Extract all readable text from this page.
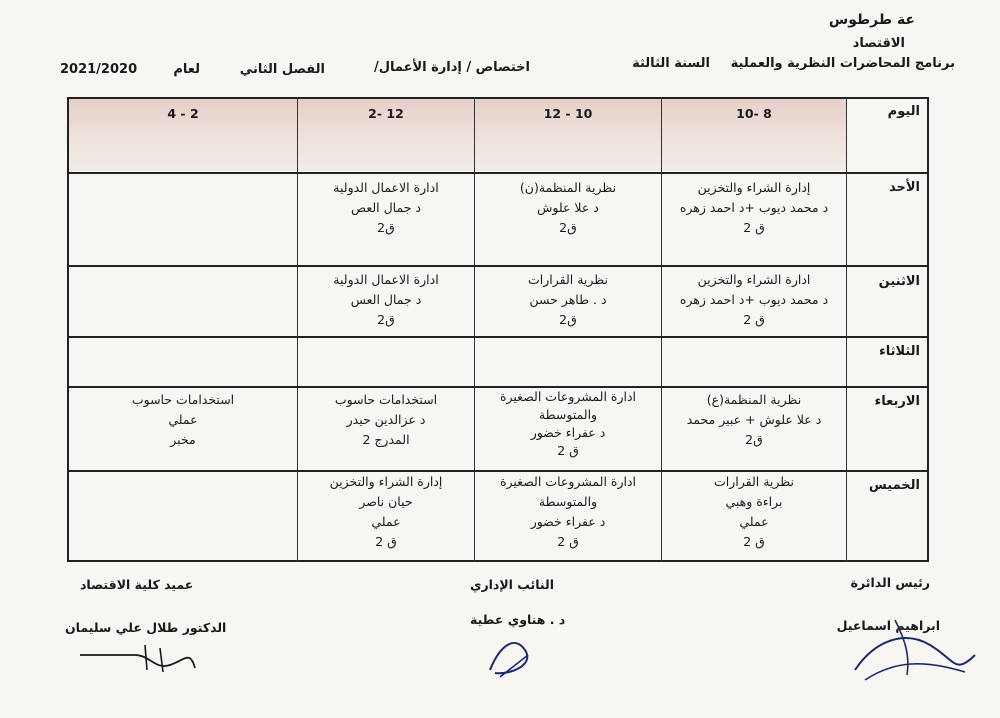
عة طرطوس
الاقتصاد
برنامج المحاضرات النظرية والعملية
السنة الثالثة
اختصاص / إدارة الأعمال/
الفصل الثاني
لعام
2021/2020
اليوم
8 -10
10 - 12
12 -2
2 - 4
الأحد
إدارة الشراء والتخزين
د محمد ديوب +د احمد زهره
ق 2
نظرية المنظمة(ن)
د علا علوش
ق2
ادارة الاعمال الدولية
د جمال العص
ق2
الاثنين
ادارة الشراء والتخزين
د محمد ديوب +د احمد زهره
ق 2
نظرية القرارات
د . طاهر حسن
ق2
ادارة الاعمال الدولية
د جمال العس
ق2
الثلاثاء
الاربعاء
نظرية المنظمة(ع)
د علا علوش + عبير محمد
ق2
ادارة المشروعات الصغيرة
والمتوسطة
د عفراء خضور
ق 2
استخدامات حاسوب
د عزالدين حيدر
المدرج 2
استخدامات حاسوب
عملي
مخبر
الخميس
نظرية القرارات
براءة وهبي
عملي
ق 2
ادارة المشروعات الصغيرة
والمتوسطة
د عفراء خضور
ق 2
إدارة الشراء والتخزين
حيان ناصر
عملي
ق 2
رئيس الدائرة
ابراهيم اسماعيل
النائب الإداري
د . هناوي عطية
عميد كلية الاقتصاد
الدكتور طلال علي سليمان
